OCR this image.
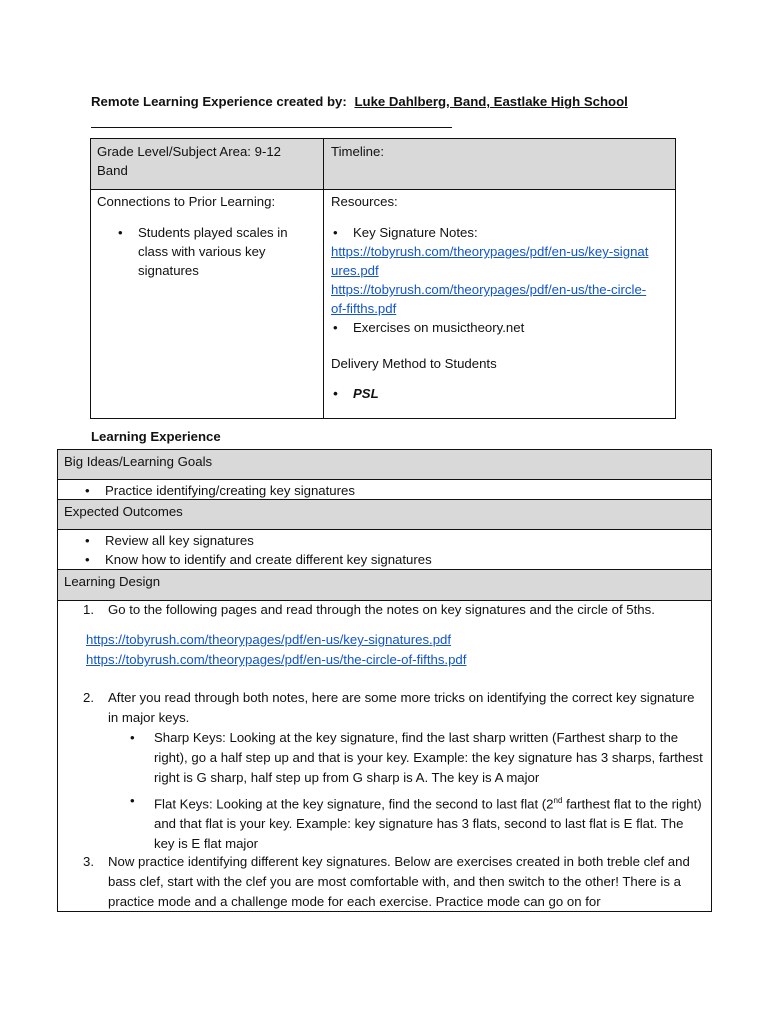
Remote Learning Experience created by: Luke Dahlberg, Band, Eastlake High School
Grade Level/Subject Area: 9-12 Band
Timeline:
Connections to Prior Learning:
• Students played scales in class with various key signatures
Resources:
• Key Signature Notes:
https://tobyrush.com/theorypages/pdf/en-us/key-signatures.pdf
https://tobyrush.com/theorypages/pdf/en-us/the-circle-of-fifths.pdf
• Exercises on musictheory.net
Delivery Method to Students
• PSL
Learning Experience
Big Ideas/Learning Goals
• Practice identifying/creating key signatures
Expected Outcomes
• Review all key signatures
• Know how to identify and create different key signatures
Learning Design
1. Go to the following pages and read through the notes on key signatures and the circle of 5ths.
https://tobyrush.com/theorypages/pdf/en-us/key-signatures.pdf
https://tobyrush.com/theorypages/pdf/en-us/the-circle-of-fifths.pdf
2. After you read through both notes, here are some more tricks on identifying the correct key signature in major keys.
• Sharp Keys: Looking at the key signature, find the last sharp written (Farthest sharp to the right), go a half step up and that is your key. Example: the key signature has 3 sharps, farthest right is G sharp, half step up from G sharp is A. The key is A major
• Flat Keys: Looking at the key signature, find the second to last flat (2nd farthest flat to the right) and that flat is your key. Example: key signature has 3 flats, second to last flat is E flat. The key is E flat major
3. Now practice identifying different key signatures. Below are exercises created in both treble clef and bass clef, start with the clef you are most comfortable with, and then switch to the other! There is a practice mode and a challenge mode for each exercise. Practice mode can go on for
